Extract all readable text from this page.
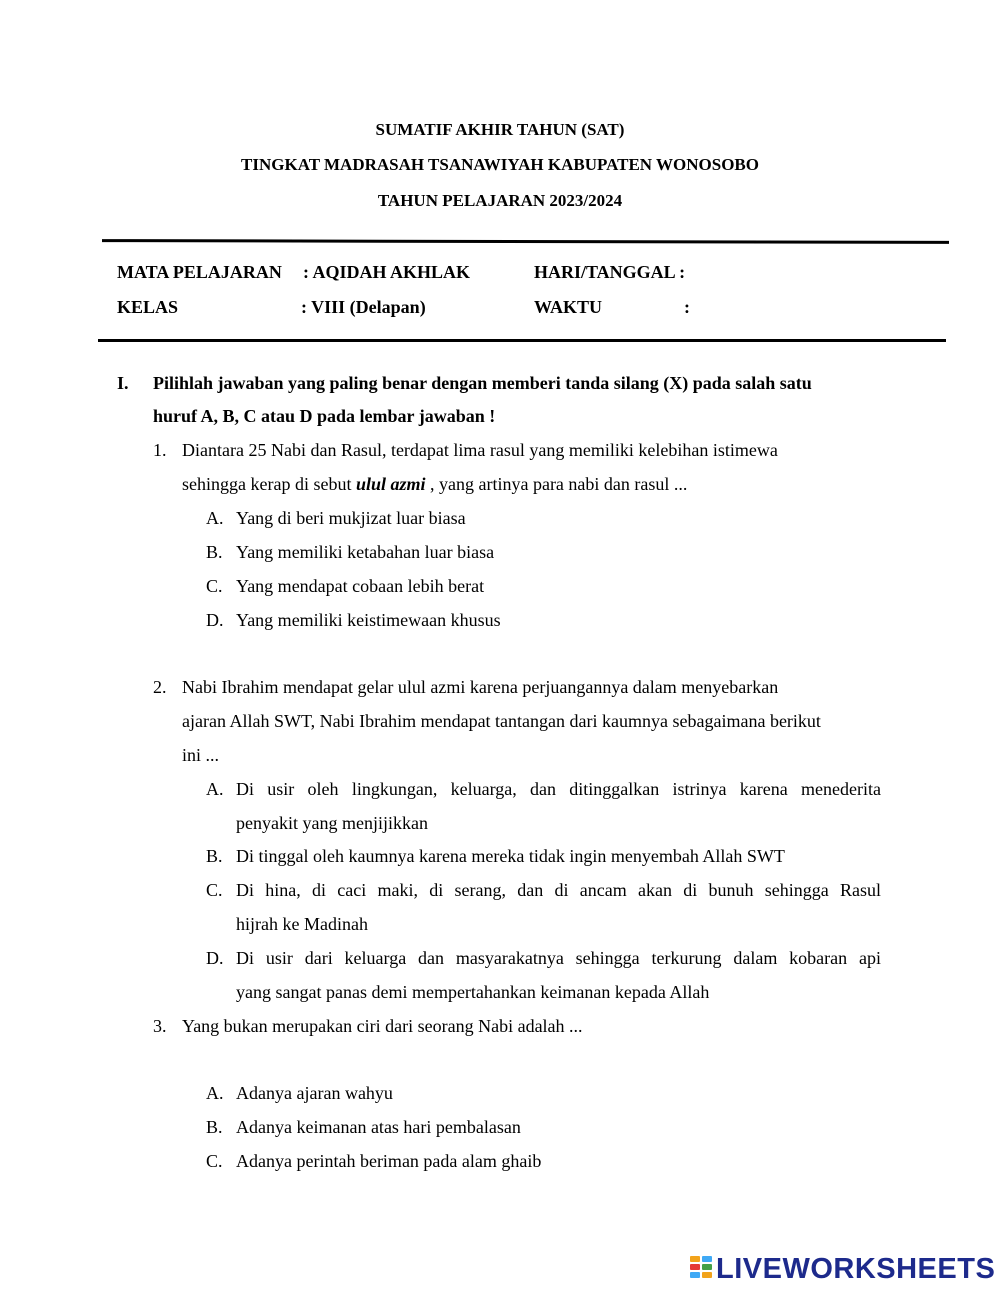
SUMATIF AKHIR TAHUN (SAT)
TINGKAT MADRASAH TSANAWIYAH KABUPATEN WONOSOBO
TAHUN PELAJARAN 2023/2024
MATA PELAJARAN : AQIDAH AKHLAK	HARI/TANGGAL :
KELAS	: VIII (Delapan)	WAKTU	:
I. Pilihlah jawaban yang paling benar dengan memberi tanda silang (X) pada salah satu
huruf A, B, C atau D pada lembar jawaban !
1. Diantara 25 Nabi dan Rasul, terdapat lima rasul yang memiliki kelebihan istimewa
sehingga kerap di sebut ulul azmi , yang artinya para nabi dan rasul ...
A. Yang di beri mukjizat luar biasa
B. Yang memiliki ketabahan luar biasa
C. Yang mendapat cobaan lebih berat
D. Yang memiliki keistimewaan khusus
2. Nabi Ibrahim mendapat gelar ulul azmi karena perjuangannya dalam menyebarkan
ajaran Allah SWT, Nabi Ibrahim mendapat tantangan dari kaumnya sebagaimana berikut
ini ...
A. Di usir oleh lingkungan, keluarga, dan ditinggalkan istrinya karena menederita
penyakit yang menjijikkan
B. Di tinggal oleh kaumnya karena mereka tidak ingin menyembah Allah SWT
C. Di hina, di caci maki, di serang, dan di ancam akan di bunuh sehingga Rasul
hijrah ke Madinah
D. Di usir dari keluarga dan masyarakatnya sehingga terkurung dalam kobaran api
yang sangat panas demi mempertahankan keimanan kepada Allah
3. Yang bukan merupakan ciri dari seorang Nabi adalah ...
A. Adanya ajaran wahyu
B. Adanya keimanan atas hari pembalasan
C. Adanya perintah beriman pada alam ghaib
LIVEWORKSHEETS
